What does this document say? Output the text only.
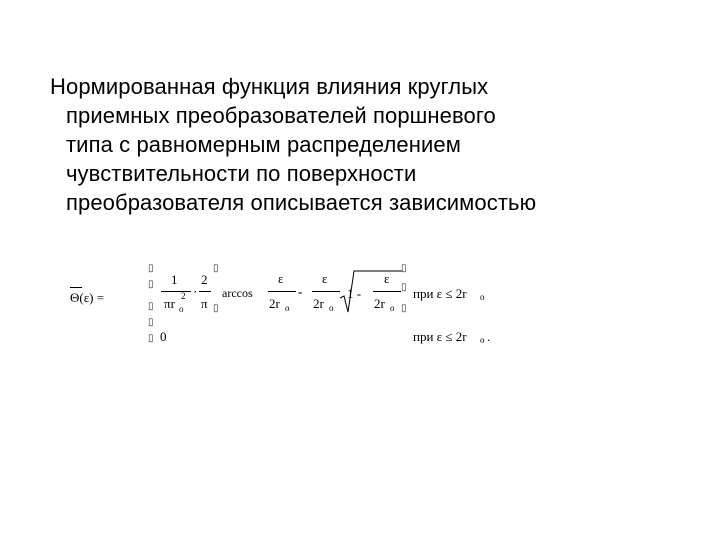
Нормированная функция влияния круглых
приемных преобразователей поршневого
типа с равномерным распределением
чувствительности по поверхности
преобразователя описывается зависимостью
Θ(ε) =
▯
▯
▯
▯
▯
1
πr o
2 ·
2
π
▯
▯
arccos
ε
2r o
-
ε
2r o
1 -
ε
2r o
▯
▯
▯
при ε ≤ 2r o
0	при ε ≤ 2r o .
